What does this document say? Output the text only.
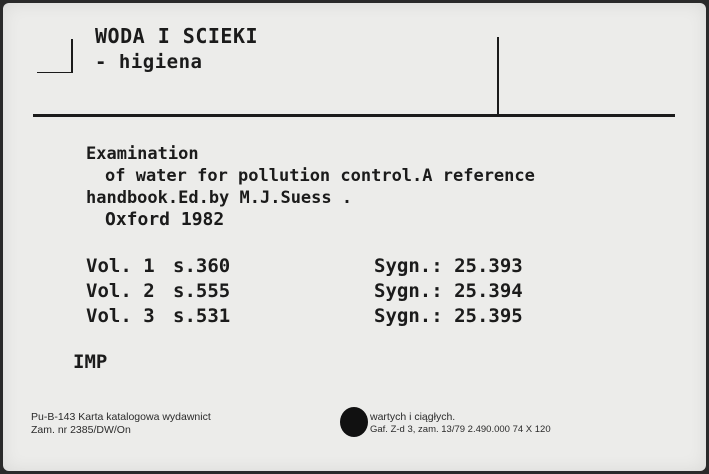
WODA I SCIEKI
- higiena
Examination
of water for pollution control.A reference
handbook.Ed.by M.J.Suess .
Oxford 1982
Vol. 1 s.360	Sygn.: 25.393
Vol. 2 s.555	Sygn.: 25.394
Vol. 3 s.531	Sygn.: 25.395
IMP
Pu-B-143 Karta katalogowa wydawnict	wartych i ciągłych.
Zam. nr 2385/DW/On	Gaf. Z-d 3, zam. 13/79 2.490.000 74 X 120
